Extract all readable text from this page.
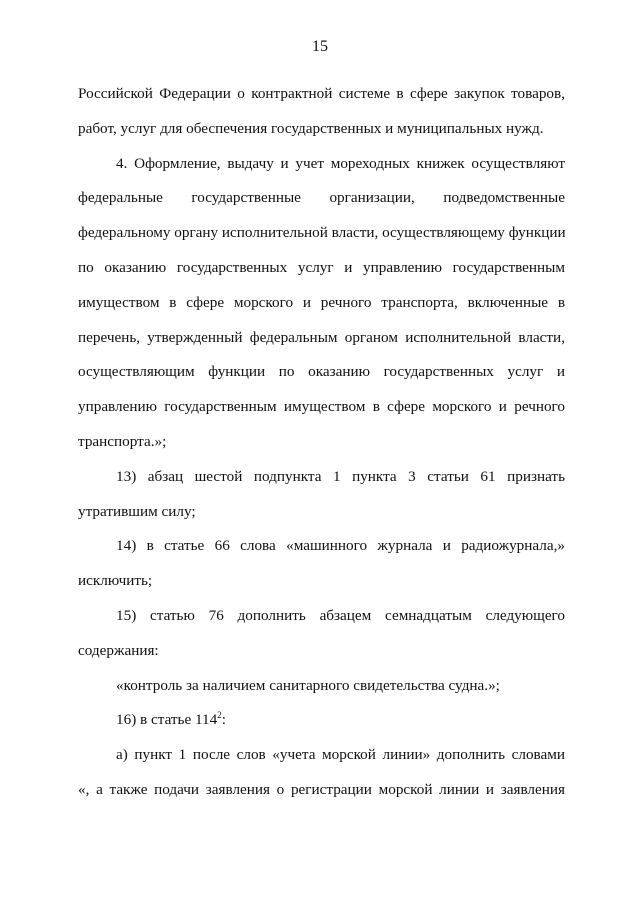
15
Российской Федерации о контрактной системе в сфере закупок товаров,
работ, услуг для обеспечения государственных и муниципальных нужд.
4. Оформление, выдачу и учет мореходных книжек осуществляют
федеральные государственные организации, подведомственные
федеральному органу исполнительной власти, осуществляющему функции
по оказанию государственных услуг и управлению государственным
имуществом в сфере морского и речного транспорта, включенные в
перечень, утвержденный федеральным органом исполнительной власти,
осуществляющим функции по оказанию государственных услуг и
управлению государственным имуществом в сфере морского и речного
транспорта.»;
13) абзац шестой подпункта 1 пункта 3 статьи 61 признать
утратившим силу;
14) в статье 66 слова «машинного журнала и радиожурнала,»
исключить;
15) статью 76 дополнить абзацем семнадцатым следующего
содержания:
«контроль за наличием санитарного свидетельства судна.»;
16) в статье $114^2$:
а) пункт 1 после слов «учета морской линии» дополнить словами
«, а также подачи заявления о регистрации морской линии и заявления
